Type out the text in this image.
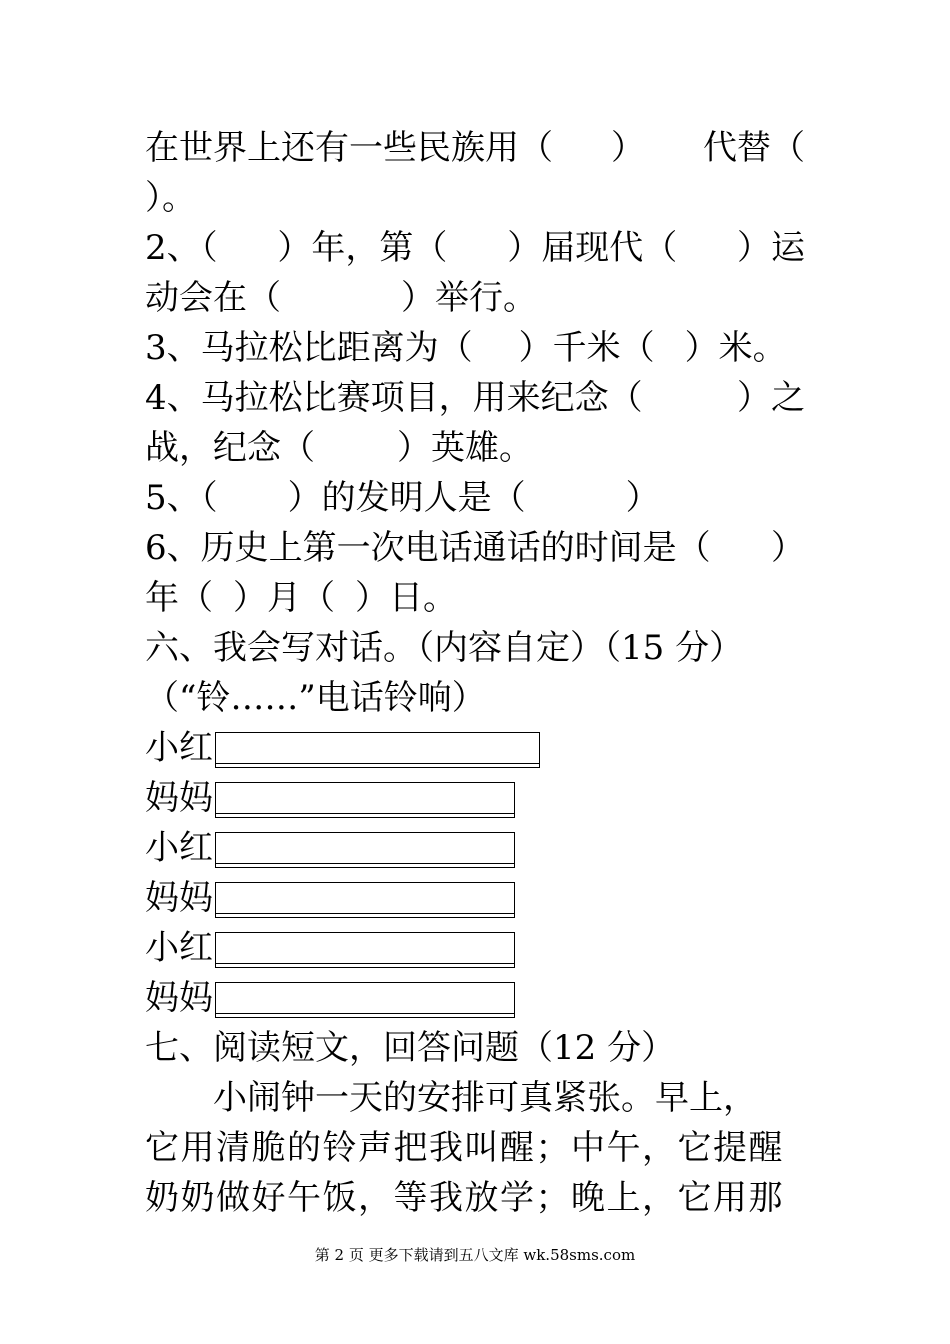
在世界上还有一些民族用（ ） 代替（
）。
2、（ ）年，第（ ）届现代（ ）运
动会在（	）举行。
3、马拉松比距离为（ ）千米（ ）米。
4、马拉松比赛项目，用来纪念（	）之
战，纪念（ ）英雄。
5、（ ）的发明人是（	）
6、历史上第一次电话通话的时间是（ ）
年（ ）月（ ）日。
六、我会写对话。（内容自定）（15 分）
（“铃……”电话铃响）
小红
妈妈
小红
妈妈
小红
妈妈
七、阅读短文，回答问题（12 分）
　　小闹钟一天的安排可真紧张。早上，
它用清脆的铃声把我叫醒；中午，它提醒
奶奶做好午饭，等我放学；晚上，它用那
第 2 页 更多下载请到五八文库 wk.58sms.com
